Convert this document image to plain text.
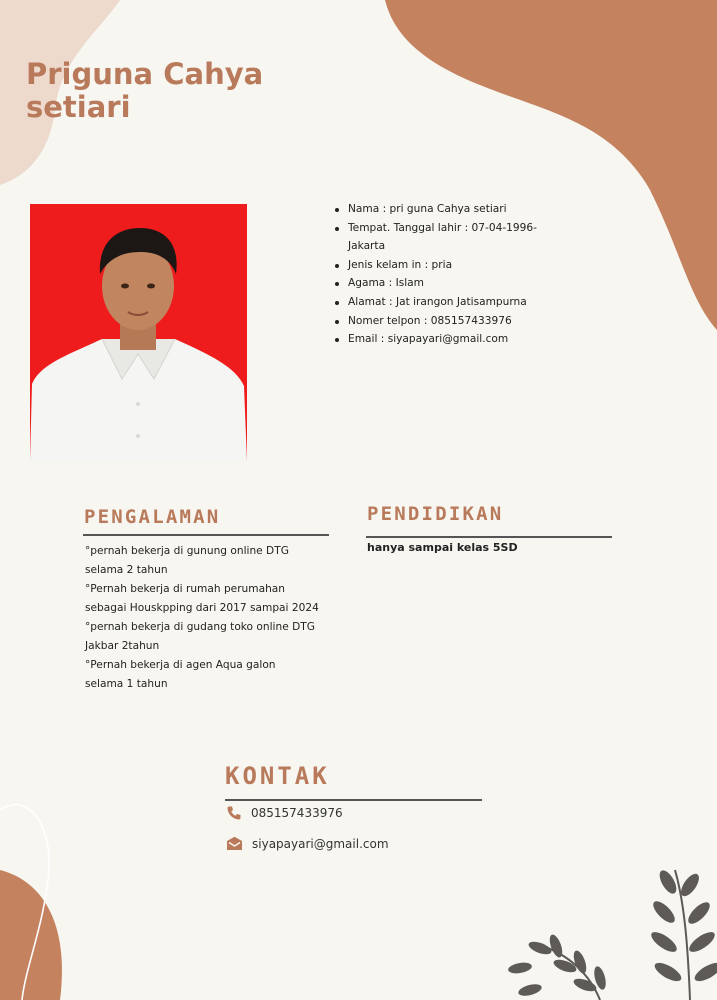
Priguna Cahya
setiari
Nama : pri guna Cahya setiari
Tempat. Tanggal lahir : 07-04-1996-Jakarta
Jenis kelam in : pria
Agama : Islam
Alamat : Jat irangon Jatisampurna
Nomer telpon : 085157433976
Email : siyapayari@gmail.com
PENGALAMAN
°pernah bekerja di gunung online DTG selama 2 tahun
°Pernah bekerja di rumah perumahan sebagai Houskpping dari 2017 sampai 2024
°pernah bekerja di gudang toko online DTG Jakbar 2tahun
°Pernah bekerja di agen Aqua galon selama 1 tahun
PENDIDIKAN
hanya sampai kelas 5SD
KONTAK
085157433976
siyapayari@gmail.com
